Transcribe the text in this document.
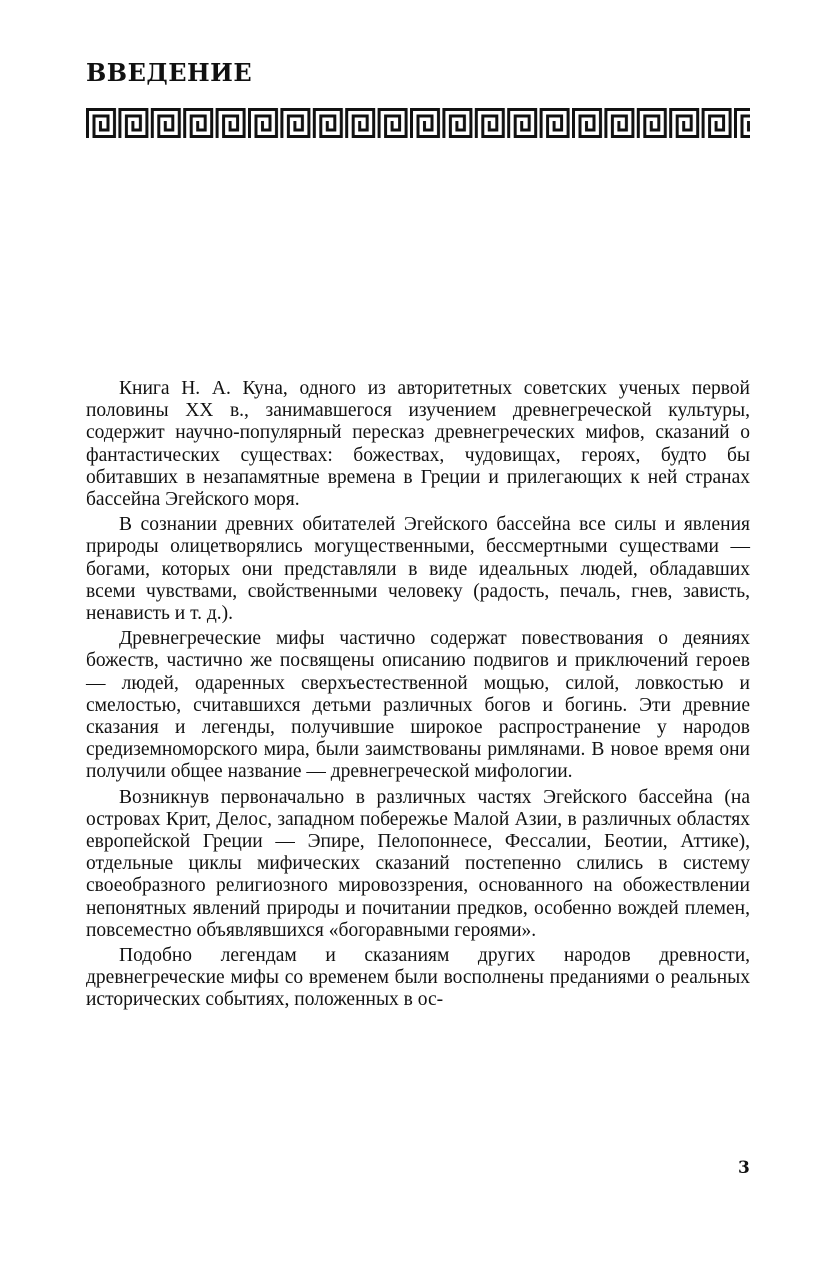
ВВЕДЕНИЕ

Книга Н. А. Куна, одного из авторитетных советских ученых первой половины XX в., занимавшегося изучением древнегреческой культуры, содержит научно-популярный пересказ древнегреческих мифов, сказаний о фантастических существах: божествах, чудовищах, героях, будто бы обитавших в незапамятные времена в Греции и прилегающих к ней странах бассейна Эгейского моря.

В сознании древних обитателей Эгейского бассейна все силы и явления природы олицетворялись могущественными, бессмертными существами — богами, которых они представляли в виде идеальных людей, обладавших всеми чувствами, свойственными человеку (радость, печаль, гнев, зависть, ненависть и т. д.).

Древнегреческие мифы частично содержат повествования о деяниях божеств, частично же посвящены описанию подвигов и приключений героев — людей, одаренных сверхъестественной мощью, силой, ловкостью и смелостью, считавшихся детьми различных богов и богинь. Эти древние сказания и легенды, получившие широкое распространение у народов средиземноморского мира, были заимствованы римлянами. В новое время они получили общее название — древнегреческой мифологии.

Возникнув первоначально в различных частях Эгейского бассейна (на островах Крит, Делос, западном побережье Малой Азии, в различных областях европейской Греции — Эпире, Пелопоннесе, Фессалии, Беотии, Аттике), отдельные циклы мифических сказаний постепенно слились в систему своеобразного религиозного мировоззрения, основанного на обожествлении непонятных явлений природы и почитании предков, особенно вождей племен, повсеместно объявлявшихся «богоравными героями».

Подобно легендам и сказаниям других народов древности, древнегреческие мифы со временем были восполнены преданиями о реальных исторических событиях, положенных в ос-

3
